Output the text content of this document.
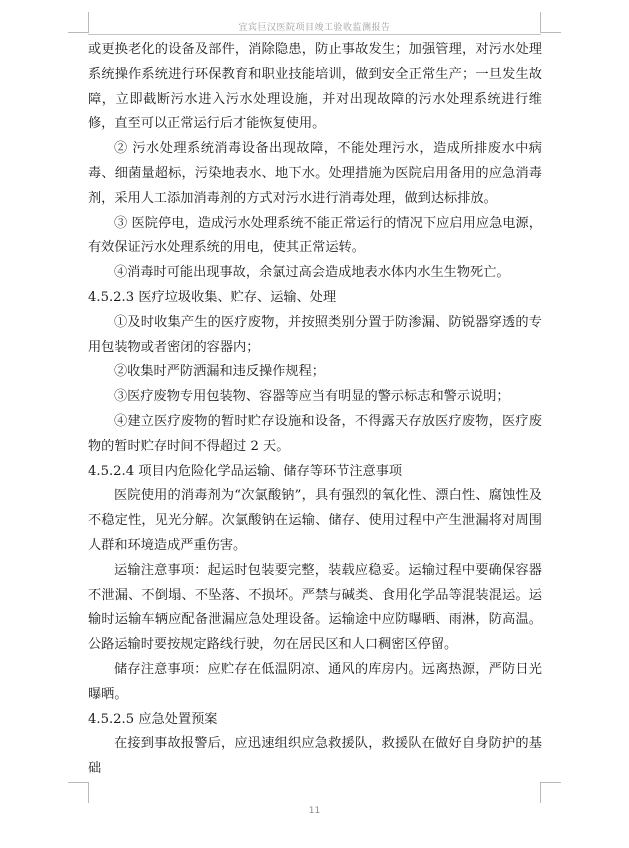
宜宾巨汉医院项目竣工验收监测报告

或更换老化的设备及部件，消除隐患，防止事故发生；加强管理，对污水处理系统操作系统进行环保教育和职业技能培训，做到安全正常生产；一旦发生故障，立即截断污水进入污水处理设施，并对出现故障的污水处理系统进行维修，直至可以正常运行后才能恢复使用。

② 污水处理系统消毒设备出现故障，不能处理污水，造成所排废水中病毒、细菌量超标，污染地表水、地下水。处理措施为医院启用备用的应急消毒剂，采用人工添加消毒剂的方式对污水进行消毒处理，做到达标排放。

③ 医院停电，造成污水处理系统不能正常运行的情况下应启用应急电源，有效保证污水处理系统的用电，使其正常运转。

④消毒时可能出现事故，余氯过高会造成地表水体内水生生物死亡。

4.5.2.3 医疗垃圾收集、贮存、运输、处理

①及时收集产生的医疗废物，并按照类别分置于防渗漏、防锐器穿透的专用包装物或者密闭的容器内；

②收集时严防洒漏和违反操作规程；

③医疗废物专用包装物、容器等应当有明显的警示标志和警示说明；

④建立医疗废物的暂时贮存设施和设备，不得露天存放医疗废物，医疗废物的暂时贮存时间不得超过 2 天。

4.5.2.4 项目内危险化学品运输、储存等环节注意事项

医院使用的消毒剂为“次氯酸钠”，具有强烈的氧化性、漂白性、腐蚀性及不稳定性，见光分解。次氯酸钠在运输、储存、使用过程中产生泄漏将对周围人群和环境造成严重伤害。

运输注意事项：起运时包装要完整，装载应稳妥。运输过程中要确保容器不泄漏、不倒塌、不坠落、不损坏。严禁与碱类、食用化学品等混装混运。运输时运输车辆应配备泄漏应急处理设备。运输途中应防曝晒、雨淋，防高温。公路运输时要按规定路线行驶，勿在居民区和人口稠密区停留。

储存注意事项：应贮存在低温阴凉、通风的库房内。远离热源，严防日光曝晒。

4.5.2.5 应急处置预案

在接到事故报警后，应迅速组织应急救援队，救援队在做好自身防护的基础

11
